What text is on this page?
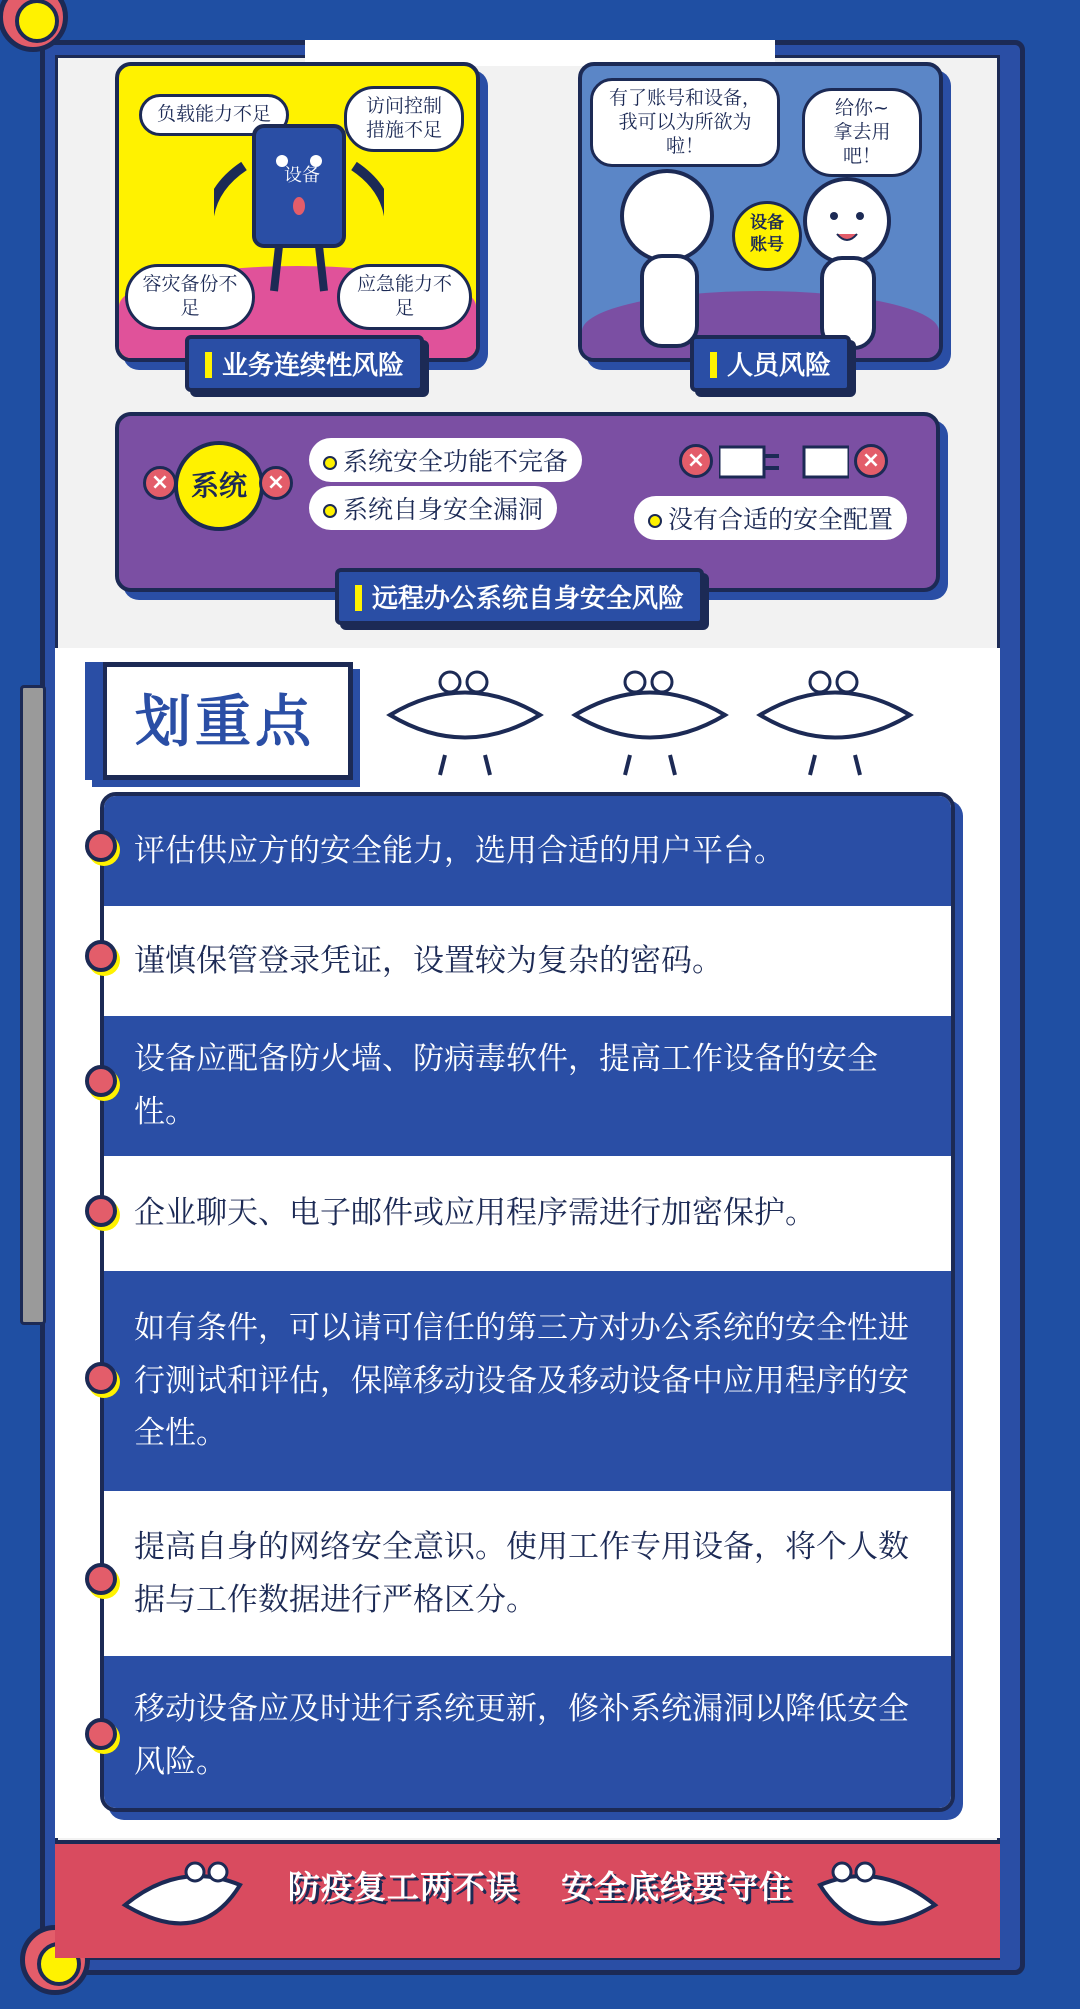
负载能力不足	访问控制
措施不足
容灾备份不足
应急能力不足
设备
业务连续性风险
有了账号和设备，
我可以为所欲为啦！
给你~
拿去用吧！
设备
账号
人员风险
× 系统 ×
系统安全功能不完备
系统自身安全漏洞
×	×
没有合适的安全配置
远程办公系统自身安全风险
划重点
评估供应方的安全能力，选用合适的用户平台。
谨慎保管登录凭证，设置较为复杂的密码。
设备应配备防火墙、防病毒软件，提高工作设备的安全性。
企业聊天、电子邮件或应用程序需进行加密保护。
如有条件，可以请可信任的第三方对办公系统的安全性进行测试和评估，保障移动设备及移动设备中应用程序的安全性。
提高自身的网络安全意识。使用工作专用设备，将个人数据与工作数据进行严格区分。
移动设备应及时进行系统更新，修补系统漏洞以降低安全风险。
防疫复工两不误 安全底线要守住
